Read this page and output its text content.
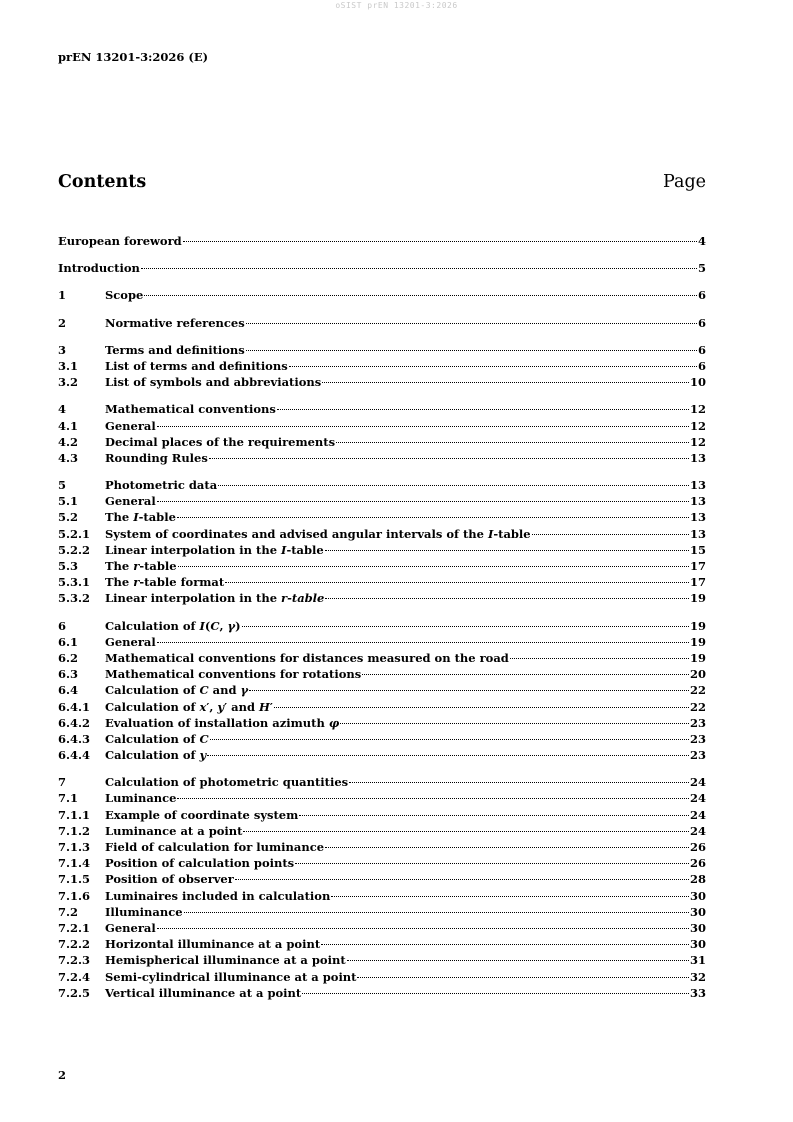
oSIST prEN 13201-3:2026
prEN 13201-3:2026 (E)
Contents	Page
European foreword	4
Introduction	5
1	Scope	6
2	Normative references	6
3	Terms and definitions	6
3.1	List of terms and definitions	6
3.2	List of symbols and abbreviations	10
4	Mathematical conventions	12
4.1	General	12
4.2	Decimal places of the requirements	12
4.3	Rounding Rules	13
5	Photometric data	13
5.1	General	13
5.2	The I-table	13
5.2.1	System of coordinates and advised angular intervals of the I-table	13
5.2.2	Linear interpolation in the I-table	15
5.3	The r-table	17
5.3.1	The r-table format	17
5.3.2	Linear interpolation in the r-table	19
6	Calculation of I(C, γ)	19
6.1	General	19
6.2	Mathematical conventions for distances measured on the road	19
6.3	Mathematical conventions for rotations	20
6.4	Calculation of C and γ	22
6.4.1	Calculation of x′, y′ and H′	22
6.4.2	Evaluation of installation azimuth φ	23
6.4.3	Calculation of C	23
6.4.4	Calculation of y	23
7	Calculation of photometric quantities	24
7.1	Luminance	24
7.1.1	Example of coordinate system	24
7.1.2	Luminance at a point	24
7.1.3	Field of calculation for luminance	26
7.1.4	Position of calculation points	26
7.1.5	Position of observer	28
7.1.6	Luminaires included in calculation	30
7.2	Illuminance	30
7.2.1	General	30
7.2.2	Horizontal illuminance at a point	30
7.2.3	Hemispherical illuminance at a point	31
7.2.4	Semi-cylindrical illuminance at a point	32
7.2.5	Vertical illuminance at a point	33
2
